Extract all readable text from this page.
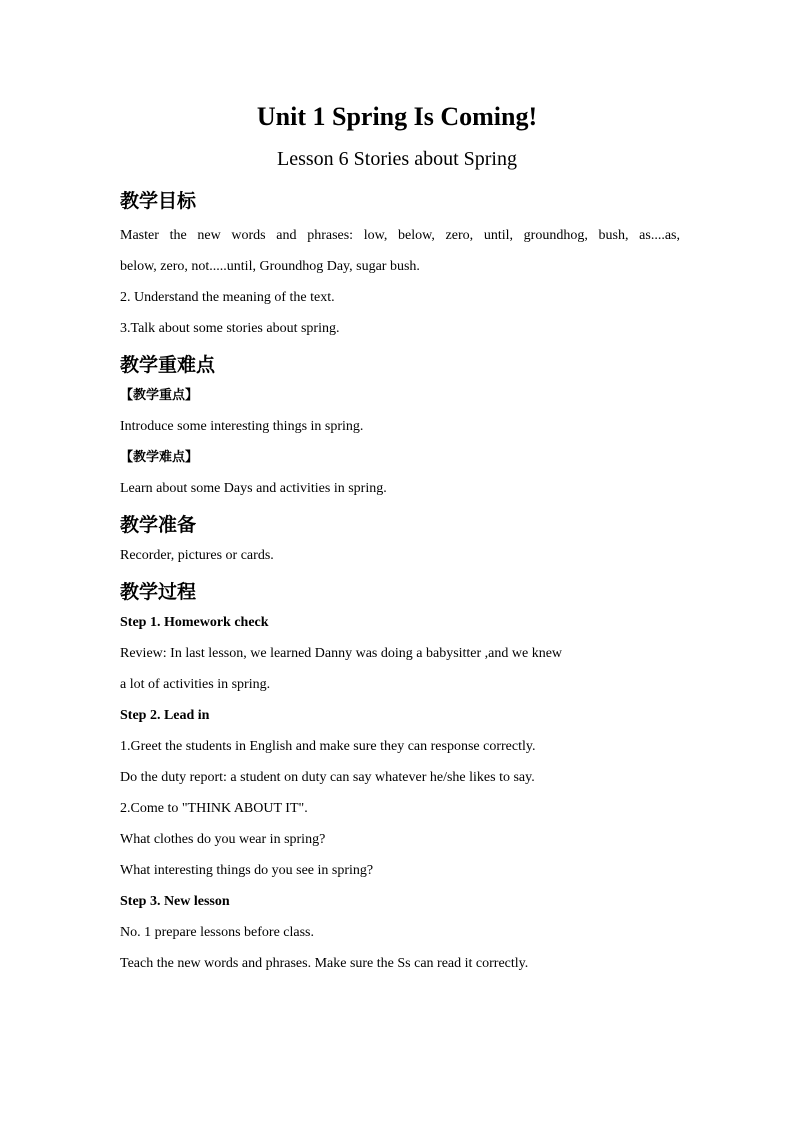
Unit 1 Spring Is Coming!
Lesson 6 Stories about Spring
教学目标

Master the new words and phrases: low, below, zero, until, groundhog, bush, as....as,

below, zero, not.....until, Groundhog Day, sugar bush.

2. Understand the meaning of the text.

3.Talk about some stories about spring.

教学重难点

【教学重点】

Introduce some interesting things in spring.

【教学难点】

Learn about some Days and activities in spring.

教学准备

Recorder, pictures or cards.

教学过程

Step 1. Homework check

Review: In last lesson, we learned Danny was doing a babysitter ,and we knew

a lot of activities in spring.

Step 2. Lead in

1.Greet the students in English and make sure they can response correctly.

Do the duty report: a student on duty can say whatever he/she likes to say.

2.Come to "THINK ABOUT IT".

What clothes do you wear in spring?

What interesting things do you see in spring?

Step 3. New lesson

No. 1 prepare lessons before class.

Teach the new words and phrases. Make sure the Ss can read it correctly.
